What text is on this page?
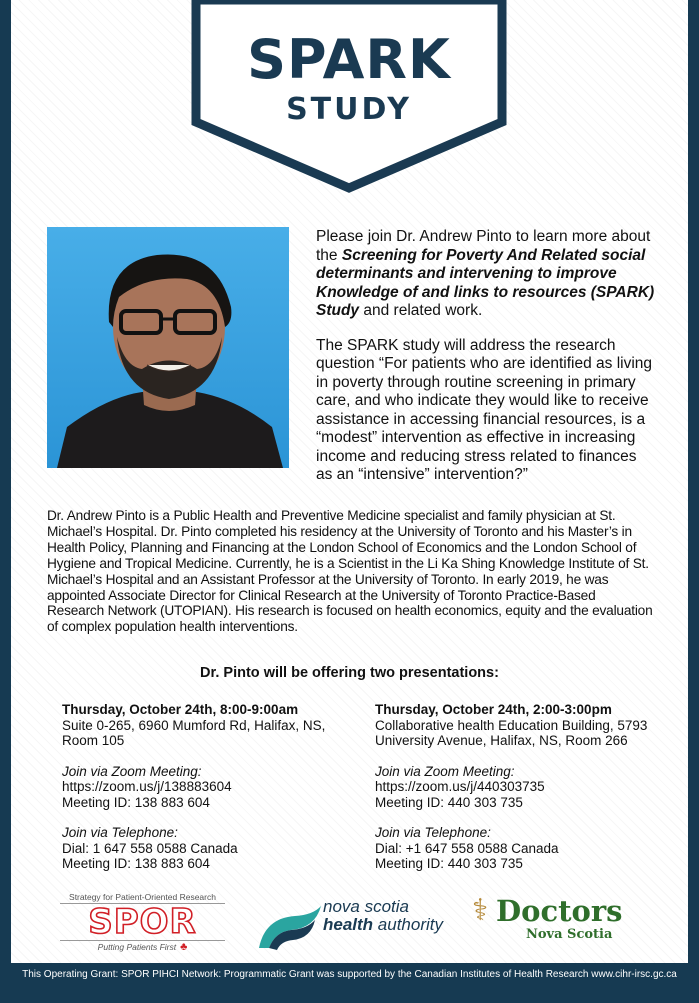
SPARK
STUDY

Please join Dr. Andrew Pinto to learn more about the Screening for Poverty And Related social determinants and intervening to improve Knowledge of and links to resources (SPARK) Study and related work.

The SPARK study will address the research question “For patients who are identified as living in poverty through routine screening in primary care, and who indicate they would like to receive assistance in accessing financial resources, is a “modest” intervention as effective in increasing income and reducing stress related to finances as an “intensive” intervention?”

Dr. Andrew Pinto is a Public Health and Preventive Medicine specialist and family physician at St. Michael’s Hospital. Dr. Pinto completed his residency at the University of Toronto and his Master’s in Health Policy, Planning and Financing at the London School of Economics and the London School of Hygiene and Tropical Medicine. Currently, he is a Scientist in the Li Ka Shing Knowledge Institute of St. Michael’s Hospital and an Assistant Professor at the University of Toronto. In early 2019, he was appointed Associate Director for Clinical Research at the University of Toronto Practice-Based Research Network (UTOPIAN). His research is focused on health economics, equity and the evaluation of complex population health interventions.
Dr. Pinto will be offering two presentations:
Thursday, October 24th, 8:00-9:00am
Suite 0-265, 6960 Mumford Rd, Halifax, NS, Room 105
Join via Zoom Meeting:
https://zoom.us/j/138883604
Meeting ID: 138 883 604
Join via Telephone:
Dial: 1 647 558 0588 Canada
Meeting ID: 138 883 604
Thursday, October 24th, 2:00-3:00pm
Collaborative health Education Building, 5793 University Avenue, Halifax, NS, Room 266
Join via Zoom Meeting:
https://zoom.us/j/440303735
Meeting ID: 440 303 735
Join via Telephone:
Dial: +1 647 558 0588 Canada
Meeting ID: 440 303 735
Strategy for Patient-Oriented Research
SPOR
Putting Patients First ♣
nova scotia
health authority ⚕ Doctors
Nova Scotia
This Operating Grant: SPOR PIHCI Network: Programmatic Grant was supported by the Canadian Institutes of Health Research www.cihr-irsc.gc.ca
